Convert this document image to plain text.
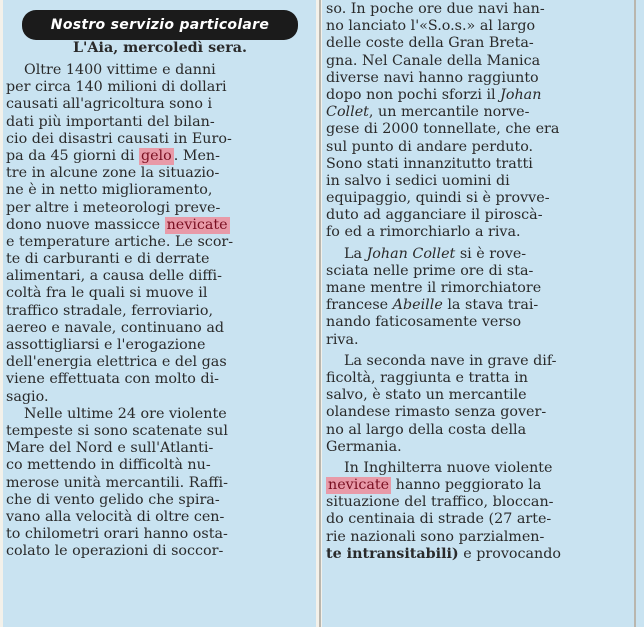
Nostro servizio particolare
L'Aia, mercoledì sera.
Oltre 1400 vittime e danni
per circa 140 milioni di dollari
causati all'agricoltura sono i
dati più importanti del bilan-
cio dei disastri causati in Euro-
pa da 45 giorni di gelo . Men-
tre in alcune zone la situazio-
ne è in netto miglioramento,
per altre i meteorologi preve-
dono nuove massicce nevicate
e temperature artiche. Le scor-
te di carburanti e di derrate
alimentari, a causa delle diffi-
coltà fra le quali si muove il
traffico stradale, ferroviario,
aereo e navale, continuano ad
assottigliarsi e l'erogazione
dell'energia elettrica e del gas
viene effettuata con molto di-
sagio.
Nelle ultime 24 ore violente
tempeste si sono scatenate sul
Mare del Nord e sull'Atlanti-
co mettendo in difficoltà nu-
merose unità mercantili. Raffi-
che di vento gelido che spira-
vano alla velocità di oltre cen-
to chilometri orari hanno osta-
colato le operazioni di soccor-
so. In poche ore due navi han-
no lanciato l'«S.o.s.» al largo
delle coste della Gran Breta-
gna. Nel Canale della Manica
diverse navi hanno raggiunto
dopo non pochi sforzi il Johan
Collet , un mercantile norve-
gese di 2000 tonnellate, che era
sul punto di andare perduto.
Sono stati innanzitutto tratti
in salvo i sedici uomini di
equipaggio, quindi si è provve-
duto ad agganciare il piroscà-
fo ed a rimorchiarlo a riva.
La Johan Collet si è rove-
sciata nelle prime ore di sta-
mane mentre il rimorchiatore
francese Abeille la stava trai-
nando faticosamente verso
riva.
La seconda nave in grave dif-
ficoltà, raggiunta e tratta in
salvo, è stato un mercantile
olandese rimasto senza gover-
no al largo della costa della
Germania.
In Inghilterra nuove violente
nevicate hanno peggiorato la
situazione del traffico, bloccan-
do centinaia di strade (27 arte-
rie nazionali sono parzialmen-
te intransitabili) e provocando
